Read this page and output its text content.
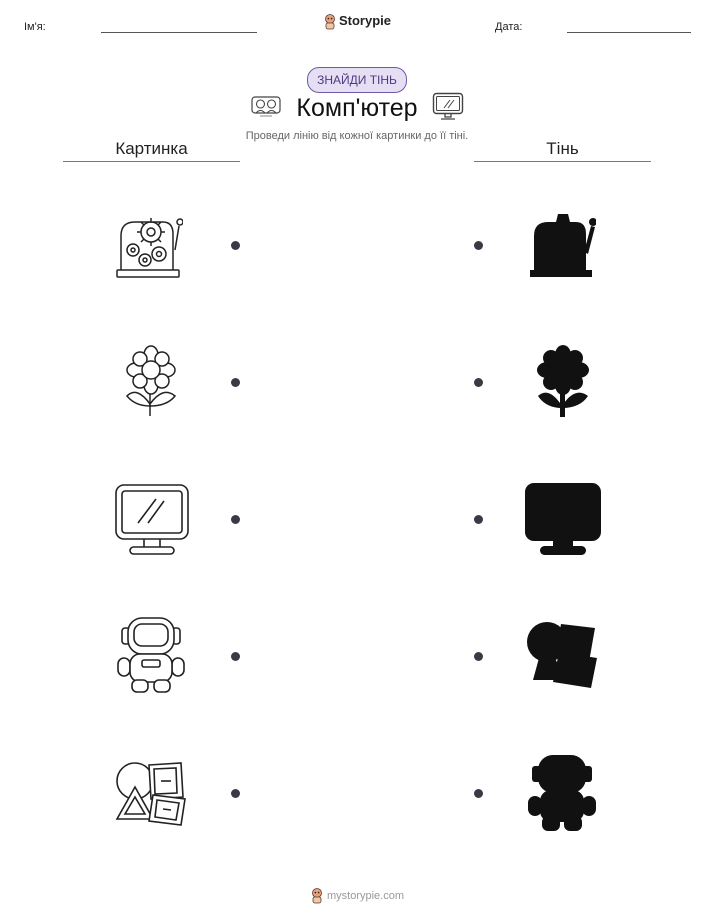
Ім'я:	Storypie	Дата:
ЗНАЙДИ ТІНЬ
Комп'ютер
Проведи лінію від кожної картинки до її тіні.
Картинка	Тінь
mystorypie.com
